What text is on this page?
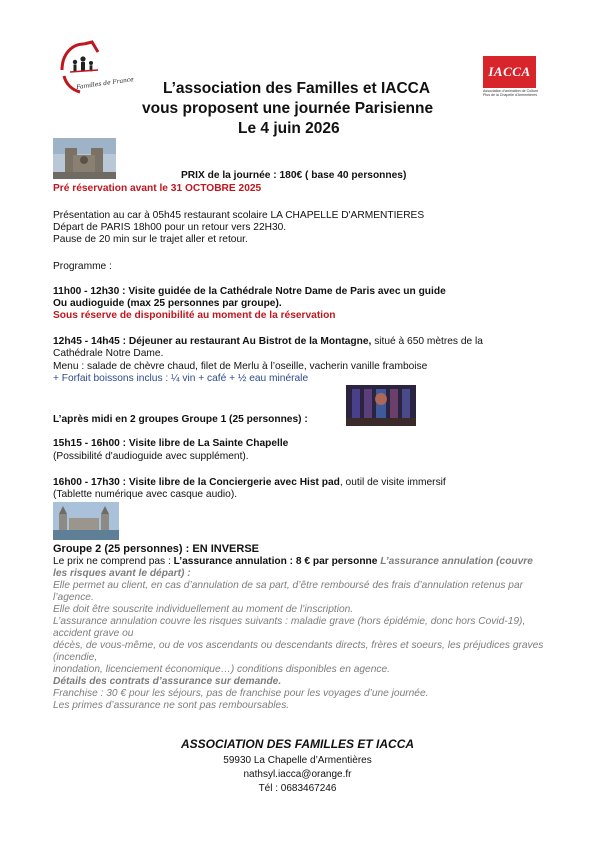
Familles de France
IACCA
Association d'animation de Culture Plus de la Chapelle d'Armentières
L’association des Familles et IACCA
vous proposent une journée Parisienne
Le 4 juin 2026
PRIX de la journée : 180€ ( base 40 personnes)
Pré réservation avant le 31 OCTOBRE 2025
Présentation au car à 05h45 restaurant scolaire LA CHAPELLE D'ARMENTIERES
Départ de PARIS 18h00 pour un retour vers 22H30.
Pause de 20 min sur le trajet aller et retour.
Programme :
11h00 - 12h30 : Visite guidée de la Cathédrale Notre Dame de Paris avec un guide
Ou audioguide (max 25 personnes par groupe).
Sous réserve de disponibilité au moment de la réservation
12h45 - 14h45 : Déjeuner au restaurant Au Bistrot de la Montagne, situé à 650 mètres de la
Cathédrale Notre Dame.
Menu : salade de chèvre chaud, filet de Merlu à l’oseille, vacherin vanille framboise
+ Forfait boissons inclus : ¼ vin + café + ½ eau minérale
L’après midi en 2 groupes Groupe 1 (25 personnes) :
15h15 - 16h00 : Visite libre de La Sainte Chapelle
(Possibilité d'audioguide avec supplément).
16h00 - 17h30 : Visite libre de la Conciergerie avec Hist pad, outil de visite immersif
(Tablette numérique avec casque audio).
Groupe 2 (25 personnes) : EN INVERSE
Le prix ne comprend pas : L’assurance annulation : 8 € par personne L’assurance annulation (couvre
les risques avant le départ) :
Elle permet au client, en cas d’annulation de sa part, d’être remboursé des frais d’annulation retenus par
l’agence.
Elle doit être souscrite individuellement au moment de l’inscription.
L’assurance annulation couvre les risques suivants : maladie grave (hors épidémie, donc hors Covid-19),
accident grave ou
décès, de vous-même, ou de vos ascendants ou descendants directs, frères et soeurs, les préjudices graves
(incendie,
inondation, licenciement économique…) conditions disponibles en agence.
Détails des contrats d’assurance sur demande.
Franchise : 30 € pour les séjours, pas de franchise pour les voyages d’une journée.
Les primes d’assurance ne sont pas remboursables.
ASSOCIATION DES FAMILLES ET IACCA
59930 La Chapelle d’Armentières
nathsyl.iacca@orange.fr
Tél : 0683467246
